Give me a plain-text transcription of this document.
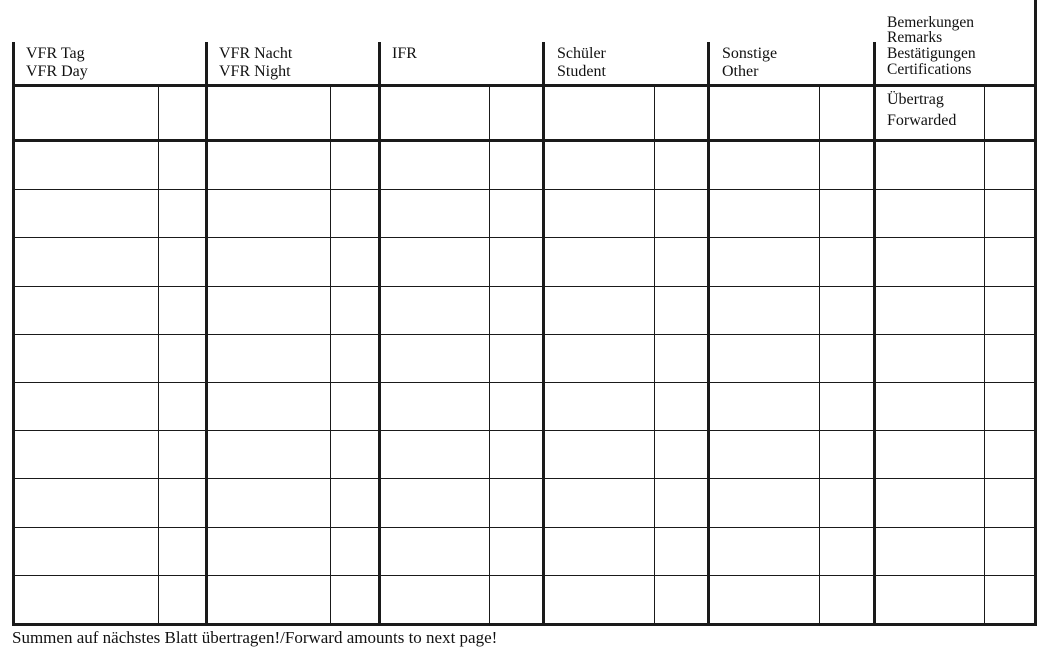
VFR Tag
VFR Day
VFR Nacht
VFR Night
IFR	Schüler
Student
Sonstige
Other
Bemerkungen
Remarks
Bestätigungen
Certifications
Übertrag
Forwarded
Summen auf nächstes Blatt übertragen!/Forward amounts to next page!
